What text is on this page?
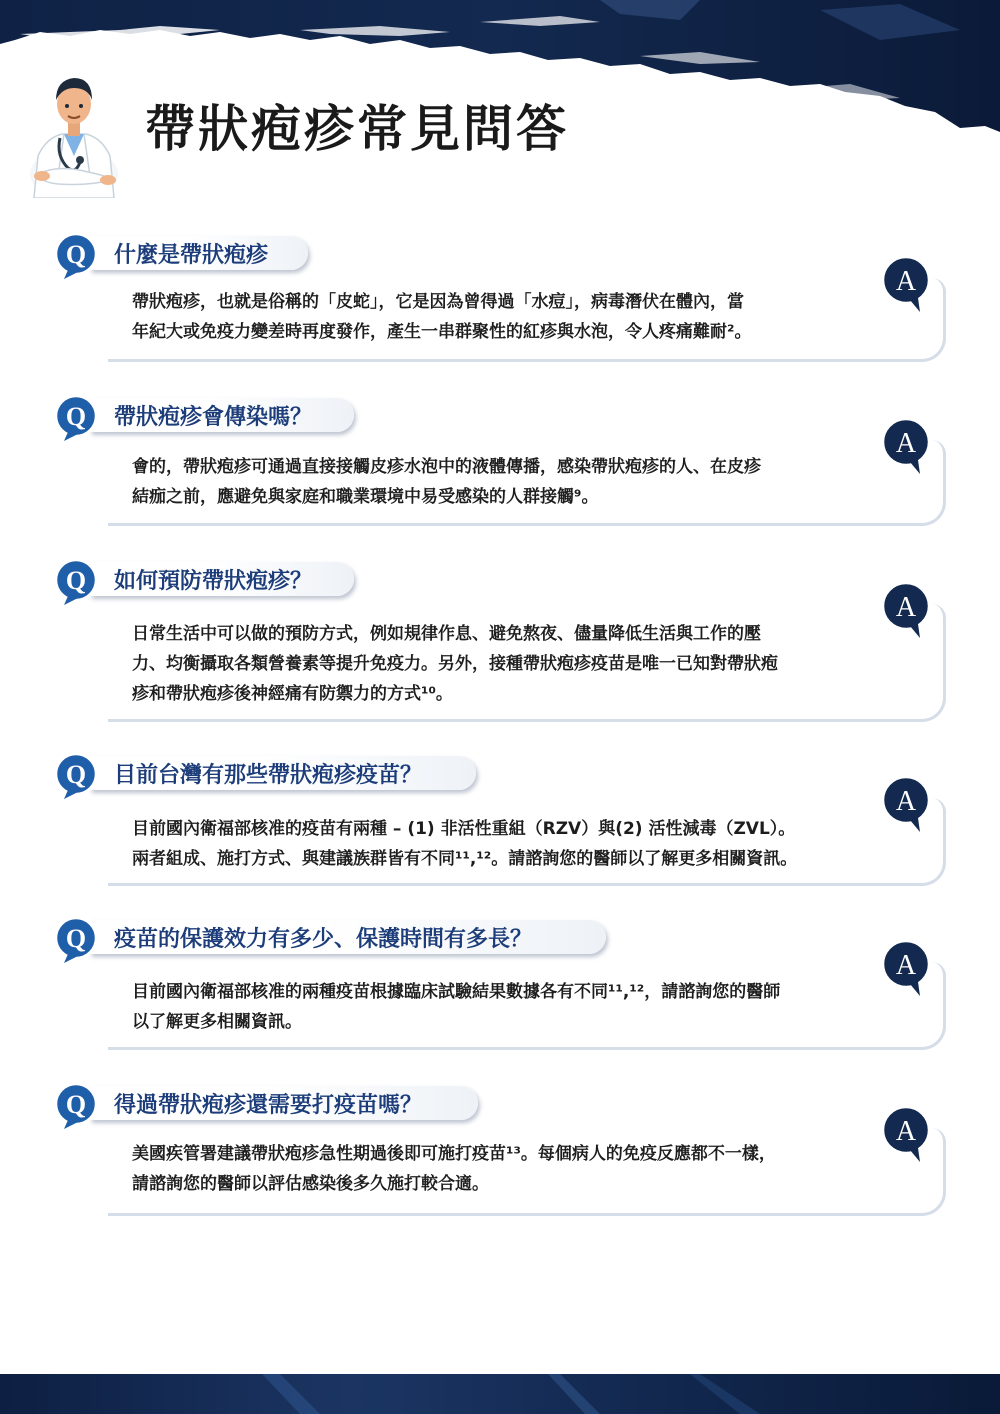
帶狀疱疹常見問答
什麼是帶狀疱疹
Q
A
帶狀疱疹，也就是俗稱的「皮蛇」，它是因為曾得過「水痘」，病毒潛伏在體內，當
年紀大或免疫力變差時再度發作，產生一串群聚性的紅疹與水泡，令人疼痛難耐²。
帶狀疱疹會傳染嗎？
Q
A
會的，帶狀疱疹可通過直接接觸皮疹水泡中的液體傳播，感染帶狀疱疹的人、在皮疹
結痂之前，應避免與家庭和職業環境中易受感染的人群接觸⁹。
如何預防帶狀疱疹？
Q
A
日常生活中可以做的預防方式，例如規律作息、避免熬夜、儘量降低生活與工作的壓
力、均衡攝取各類營養素等提升免疫力。另外，接種帶狀疱疹疫苗是唯一已知對帶狀疱
疹和帶狀疱疹後神經痛有防禦力的方式¹⁰。
目前台灣有那些帶狀疱疹疫苗？
Q
A
目前國內衛福部核准的疫苗有兩種 – (1) 非活性重組（RZV）與(2) 活性減毒（ZVL）。
兩者組成、施打方式、與建議族群皆有不同¹¹,¹²。請諮詢您的醫師以了解更多相關資訊。
疫苗的保護效力有多少、保護時間有多長？
Q
A
目前國內衛福部核准的兩種疫苗根據臨床試驗結果數據各有不同¹¹,¹²，請諮詢您的醫師
以了解更多相關資訊。
得過帶狀疱疹還需要打疫苗嗎？
Q
A
美國疾管署建議帶狀疱疹急性期過後即可施打疫苗¹³。每個病人的免疫反應都不一樣，
請諮詢您的醫師以評估感染後多久施打較合適。
